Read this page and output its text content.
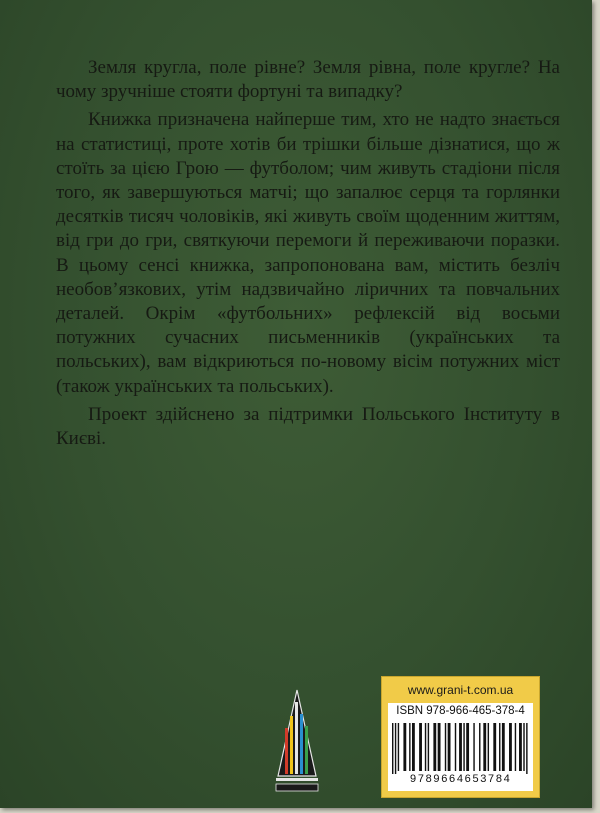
Земля кругла, поле рівне? Земля рівна, поле кругле? На чому зручніше стояти фортуні та випадку?

Книжка призначена найперше тим, хто не надто знається на статистиці, проте хотів би трішки більше дізнатися, що ж стоїть за цією Грою — футболом; чим живуть стадіони після того, як завершуються матчі; що запалює серця та горлянки десятків тисяч чоловіків, які живуть своїм щоденним життям, від гри до гри, святкуючи перемоги й переживаючи поразки. В цьому сенсі книжка, запропонована вам, містить безліч необов’язкових, утім надзвичайно ліричних та повчальних деталей. Окрім «футбольних» рефлексій від восьми потужних сучасних письменників (українських та польських), вам відкриються по-новому вісім потужних міст (також українських та польських).

Проект здійснено за підтримки Польського Інституту в Києві.

www.grani-t.com.ua
ISBN 978-966-465-378-4
9789664653784
